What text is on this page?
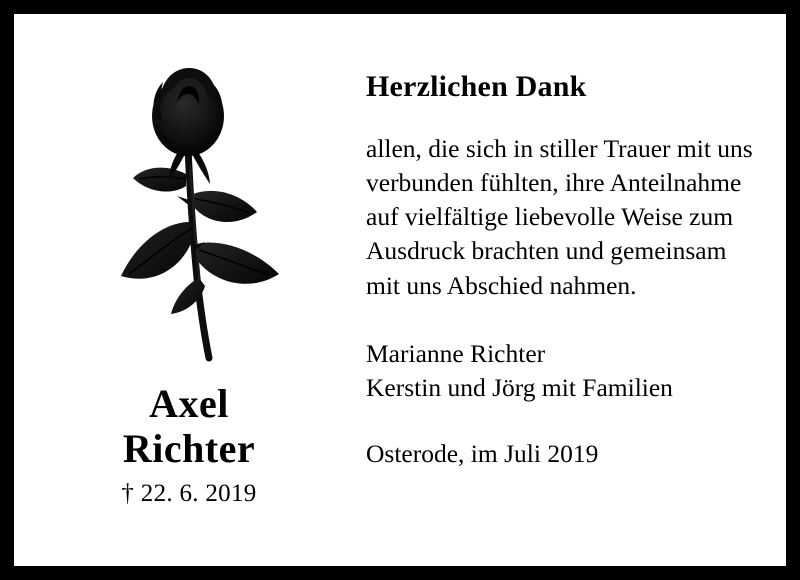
Axel
Richter
† 22. 6. 2019
Herzlichen Dank
allen, die sich in stiller Trauer mit uns verbunden fühlten, ihre Anteilnahme auf vielfältige liebevolle Weise zum Ausdruck brachten und gemeinsam mit uns Abschied nahmen.
Marianne Richter
Kerstin und Jörg mit Familien
Osterode, im Juli 2019
